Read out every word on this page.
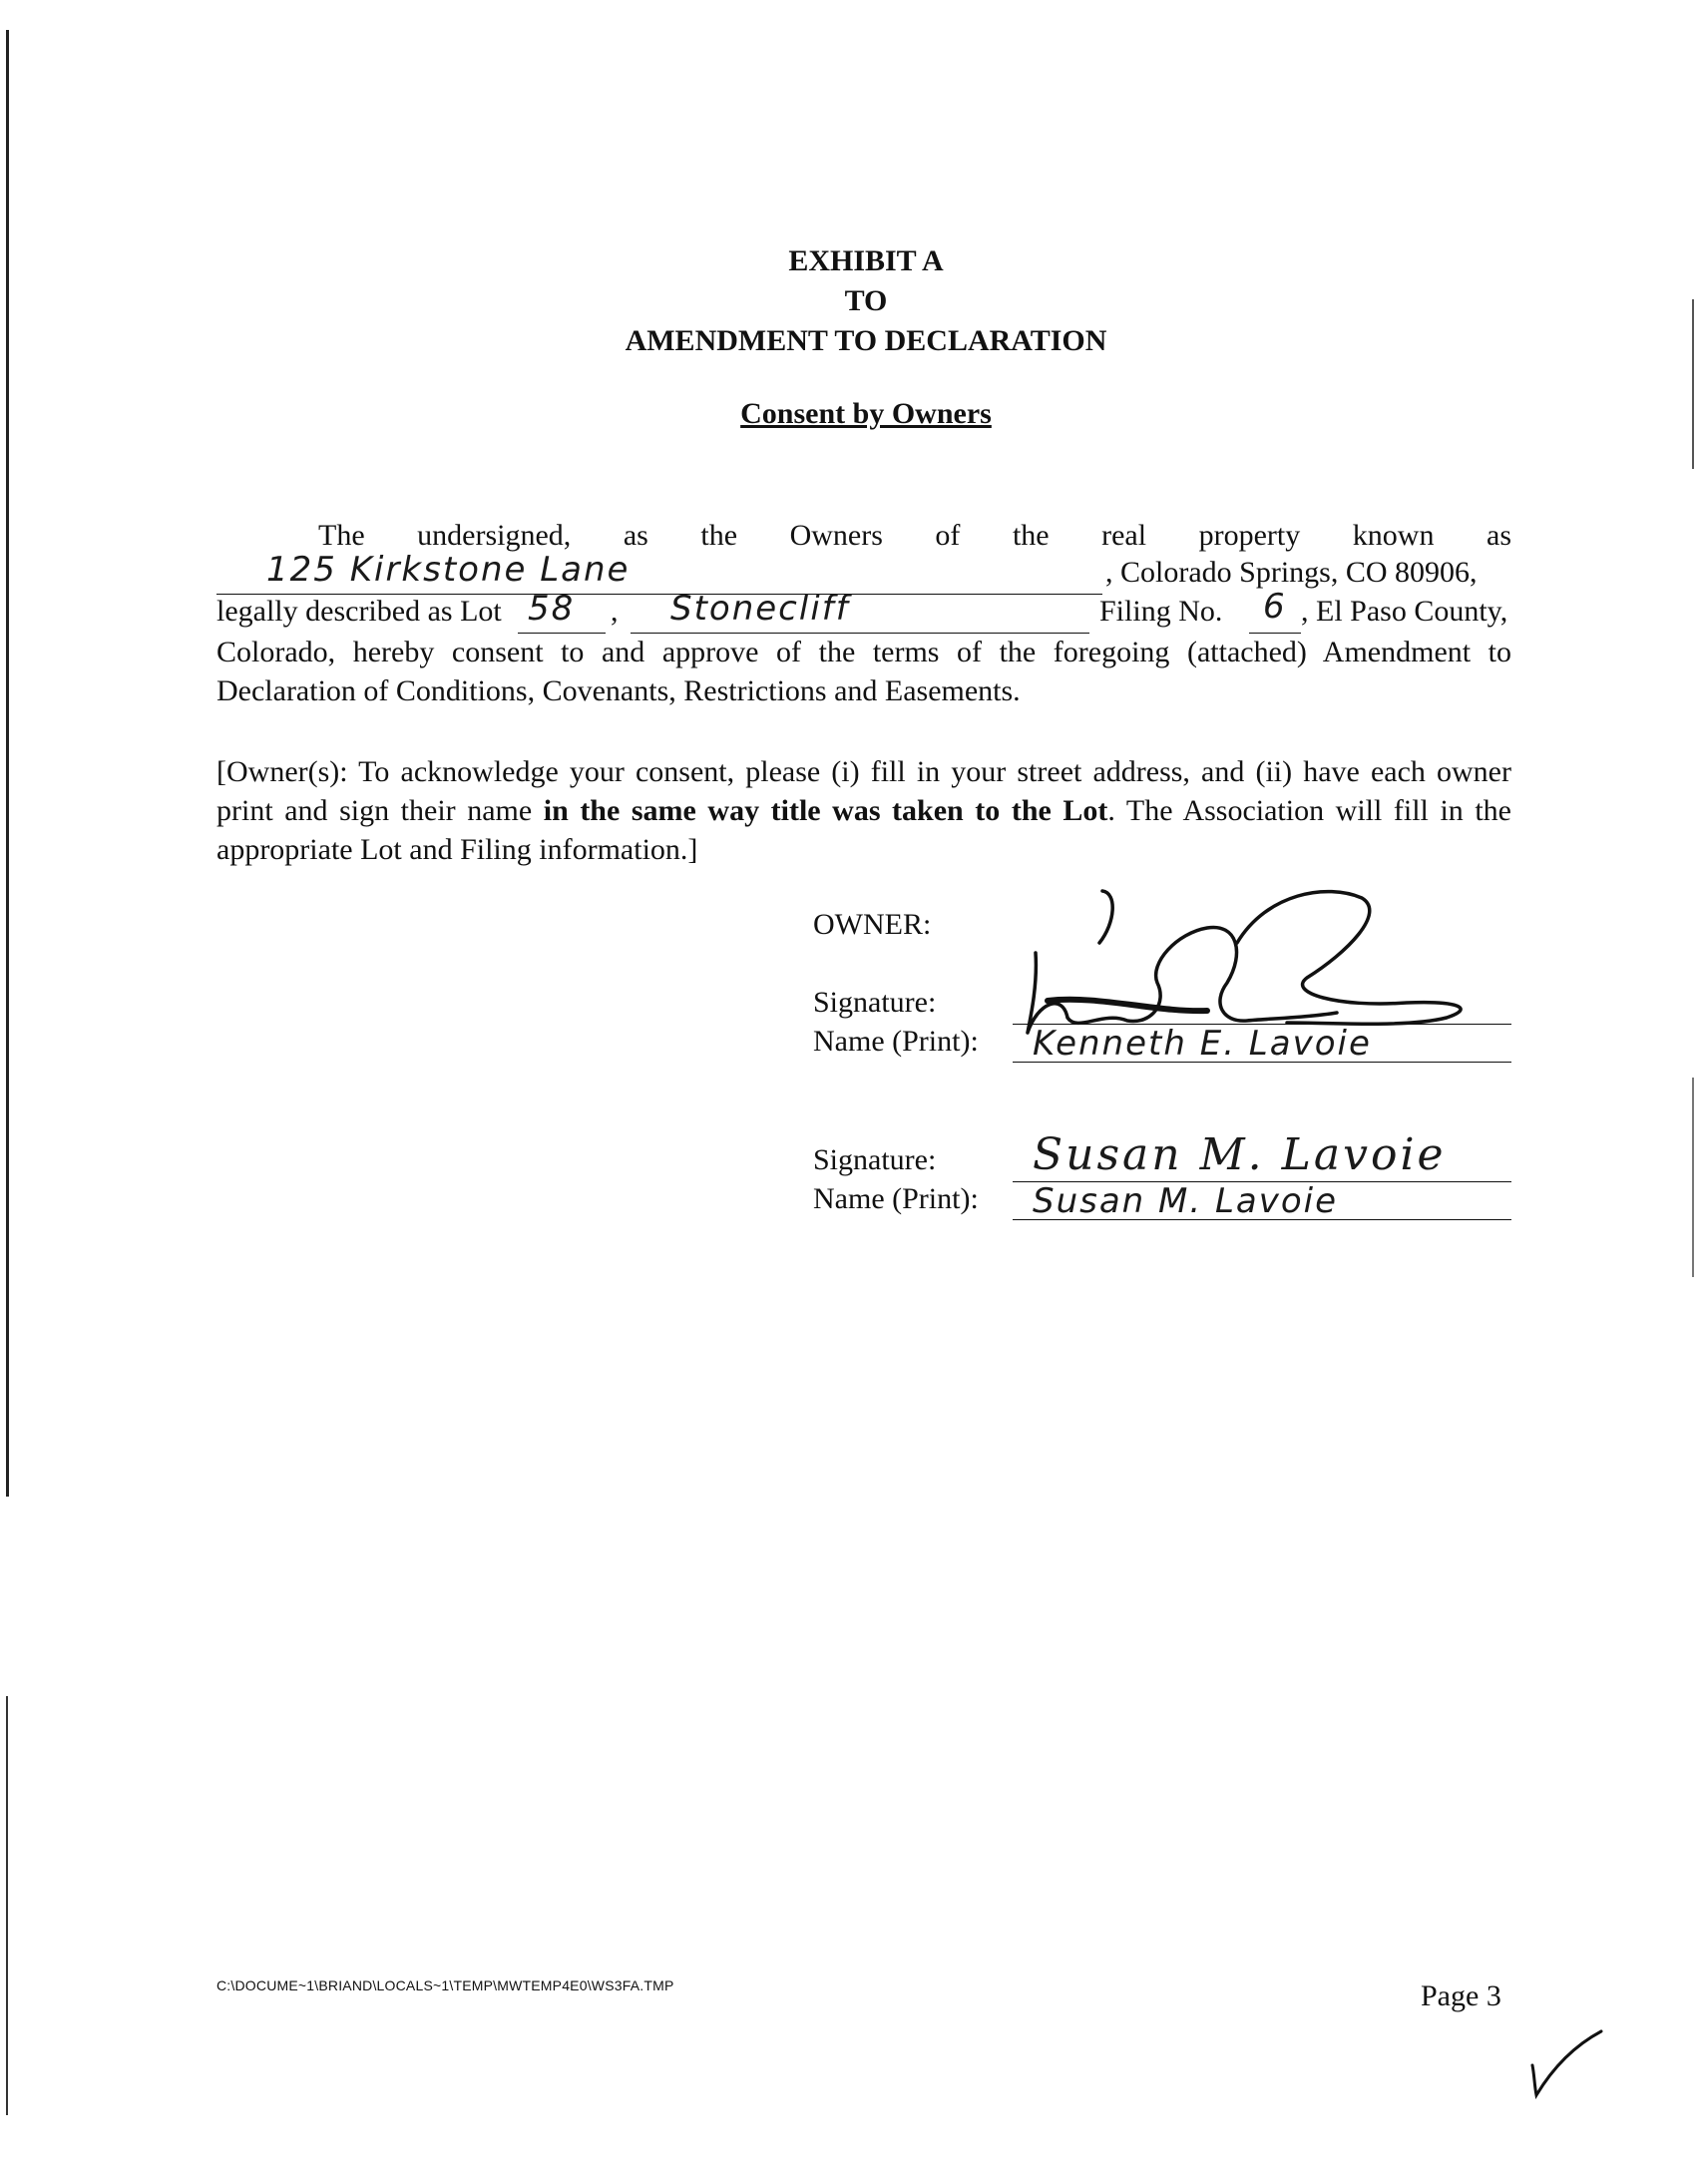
EXHIBIT A
TO
AMENDMENT TO DECLARATION
Consent by Owners
The undersigned, as the Owners of the real property known as
125 Kirkstone Lane	, Colorado Springs, CO 80906,
legally described as Lot 58 , Stonecliff	Filing No. 6 , El Paso County,
Colorado, hereby consent to and approve of the terms of the foregoing (attached) Amendment to Declaration of Conditions, Covenants, Restrictions and Easements.
[Owner(s): To acknowledge your consent, please (i) fill in your street address, and (ii) have each owner print and sign their name in the same way title was taken to the Lot. The Association will fill in the appropriate Lot and Filing information.]
OWNER:
Signature:
Name (Print): Kenneth E. Lavoie
Signature: Susan M. Lavoie
Name (Print): Susan M. Lavoie
C:\DOCUME~1\BRIAND\LOCALS~1\TEMP\MWTEMP4E0\WS3FA.TMP	Page 3
